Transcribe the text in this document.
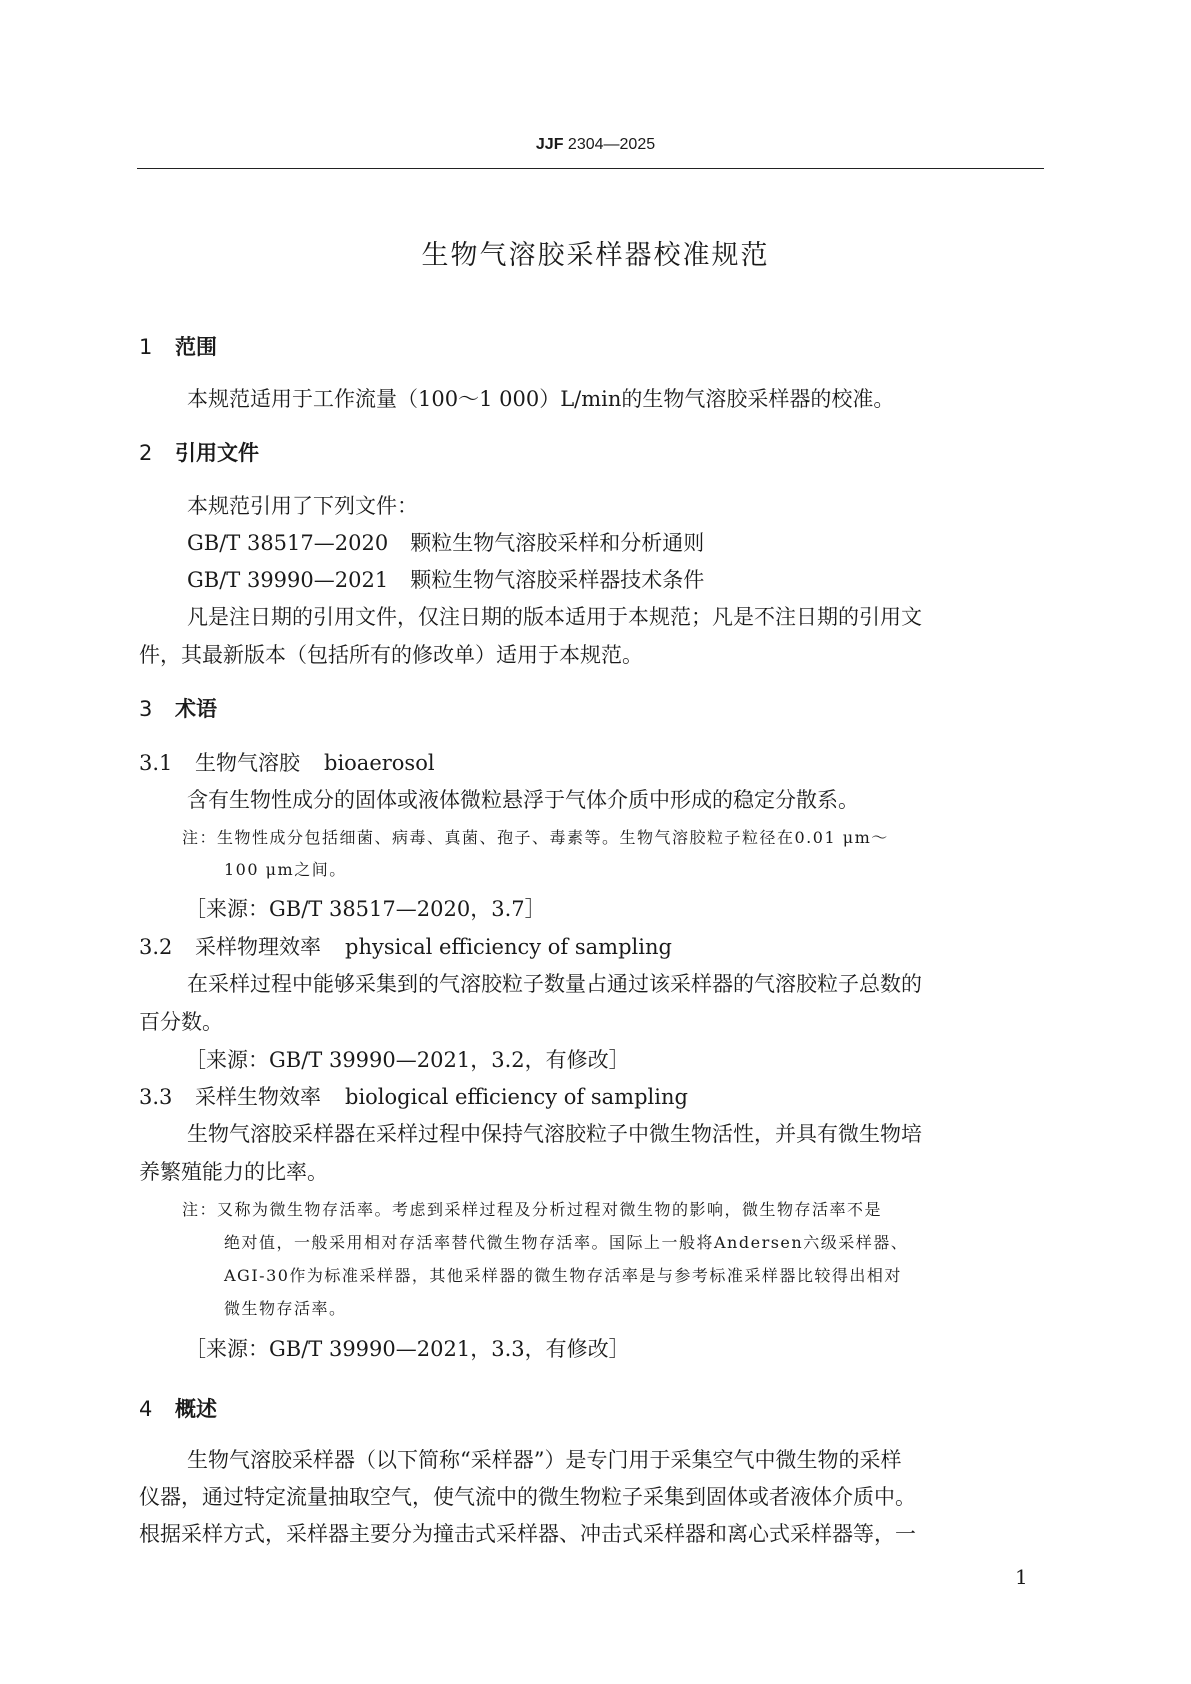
JJF 2304—2025
生物气溶胶采样器校准规范
1 范围
本规范适用于工作流量（100～1 000）L/min的生物气溶胶采样器的校准。
2 引用文件
本规范引用了下列文件：
GB/T 38517—2020 颗粒生物气溶胶采样和分析通则
GB/T 39990—2021 颗粒生物气溶胶采样器技术条件
凡是注日期的引用文件，仅注日期的版本适用于本规范；凡是不注日期的引用文
件，其最新版本（包括所有的修改单）适用于本规范。
3 术语
3.1 生物气溶胶 bioaerosol
含有生物性成分的固体或液体微粒悬浮于气体介质中形成的稳定分散系。
注：生物性成分包括细菌、病毒、真菌、孢子、毒素等。生物气溶胶粒子粒径在0.01 μm～
100 μm之间。
［来源：GB/T 38517—2020，3.7］
3.2 采样物理效率 physical efficiency of sampling
在采样过程中能够采集到的气溶胶粒子数量占通过该采样器的气溶胶粒子总数的
百分数。
［来源：GB/T 39990—2021，3.2，有修改］
3.3 采样生物效率 biological efficiency of sampling
生物气溶胶采样器在采样过程中保持气溶胶粒子中微生物活性，并具有微生物培
养繁殖能力的比率。
注：又称为微生物存活率。考虑到采样过程及分析过程对微生物的影响，微生物存活率不是
绝对值，一般采用相对存活率替代微生物存活率。国际上一般将Andersen六级采样器、
AGI-30作为标准采样器，其他采样器的微生物存活率是与参考标准采样器比较得出相对
微生物存活率。
［来源：GB/T 39990—2021，3.3，有修改］
4 概述
生物气溶胶采样器（以下简称“采样器”）是专门用于采集空气中微生物的采样
仪器，通过特定流量抽取空气，使气流中的微生物粒子采集到固体或者液体介质中。
根据采样方式，采样器主要分为撞击式采样器、冲击式采样器和离心式采样器等，一
1
